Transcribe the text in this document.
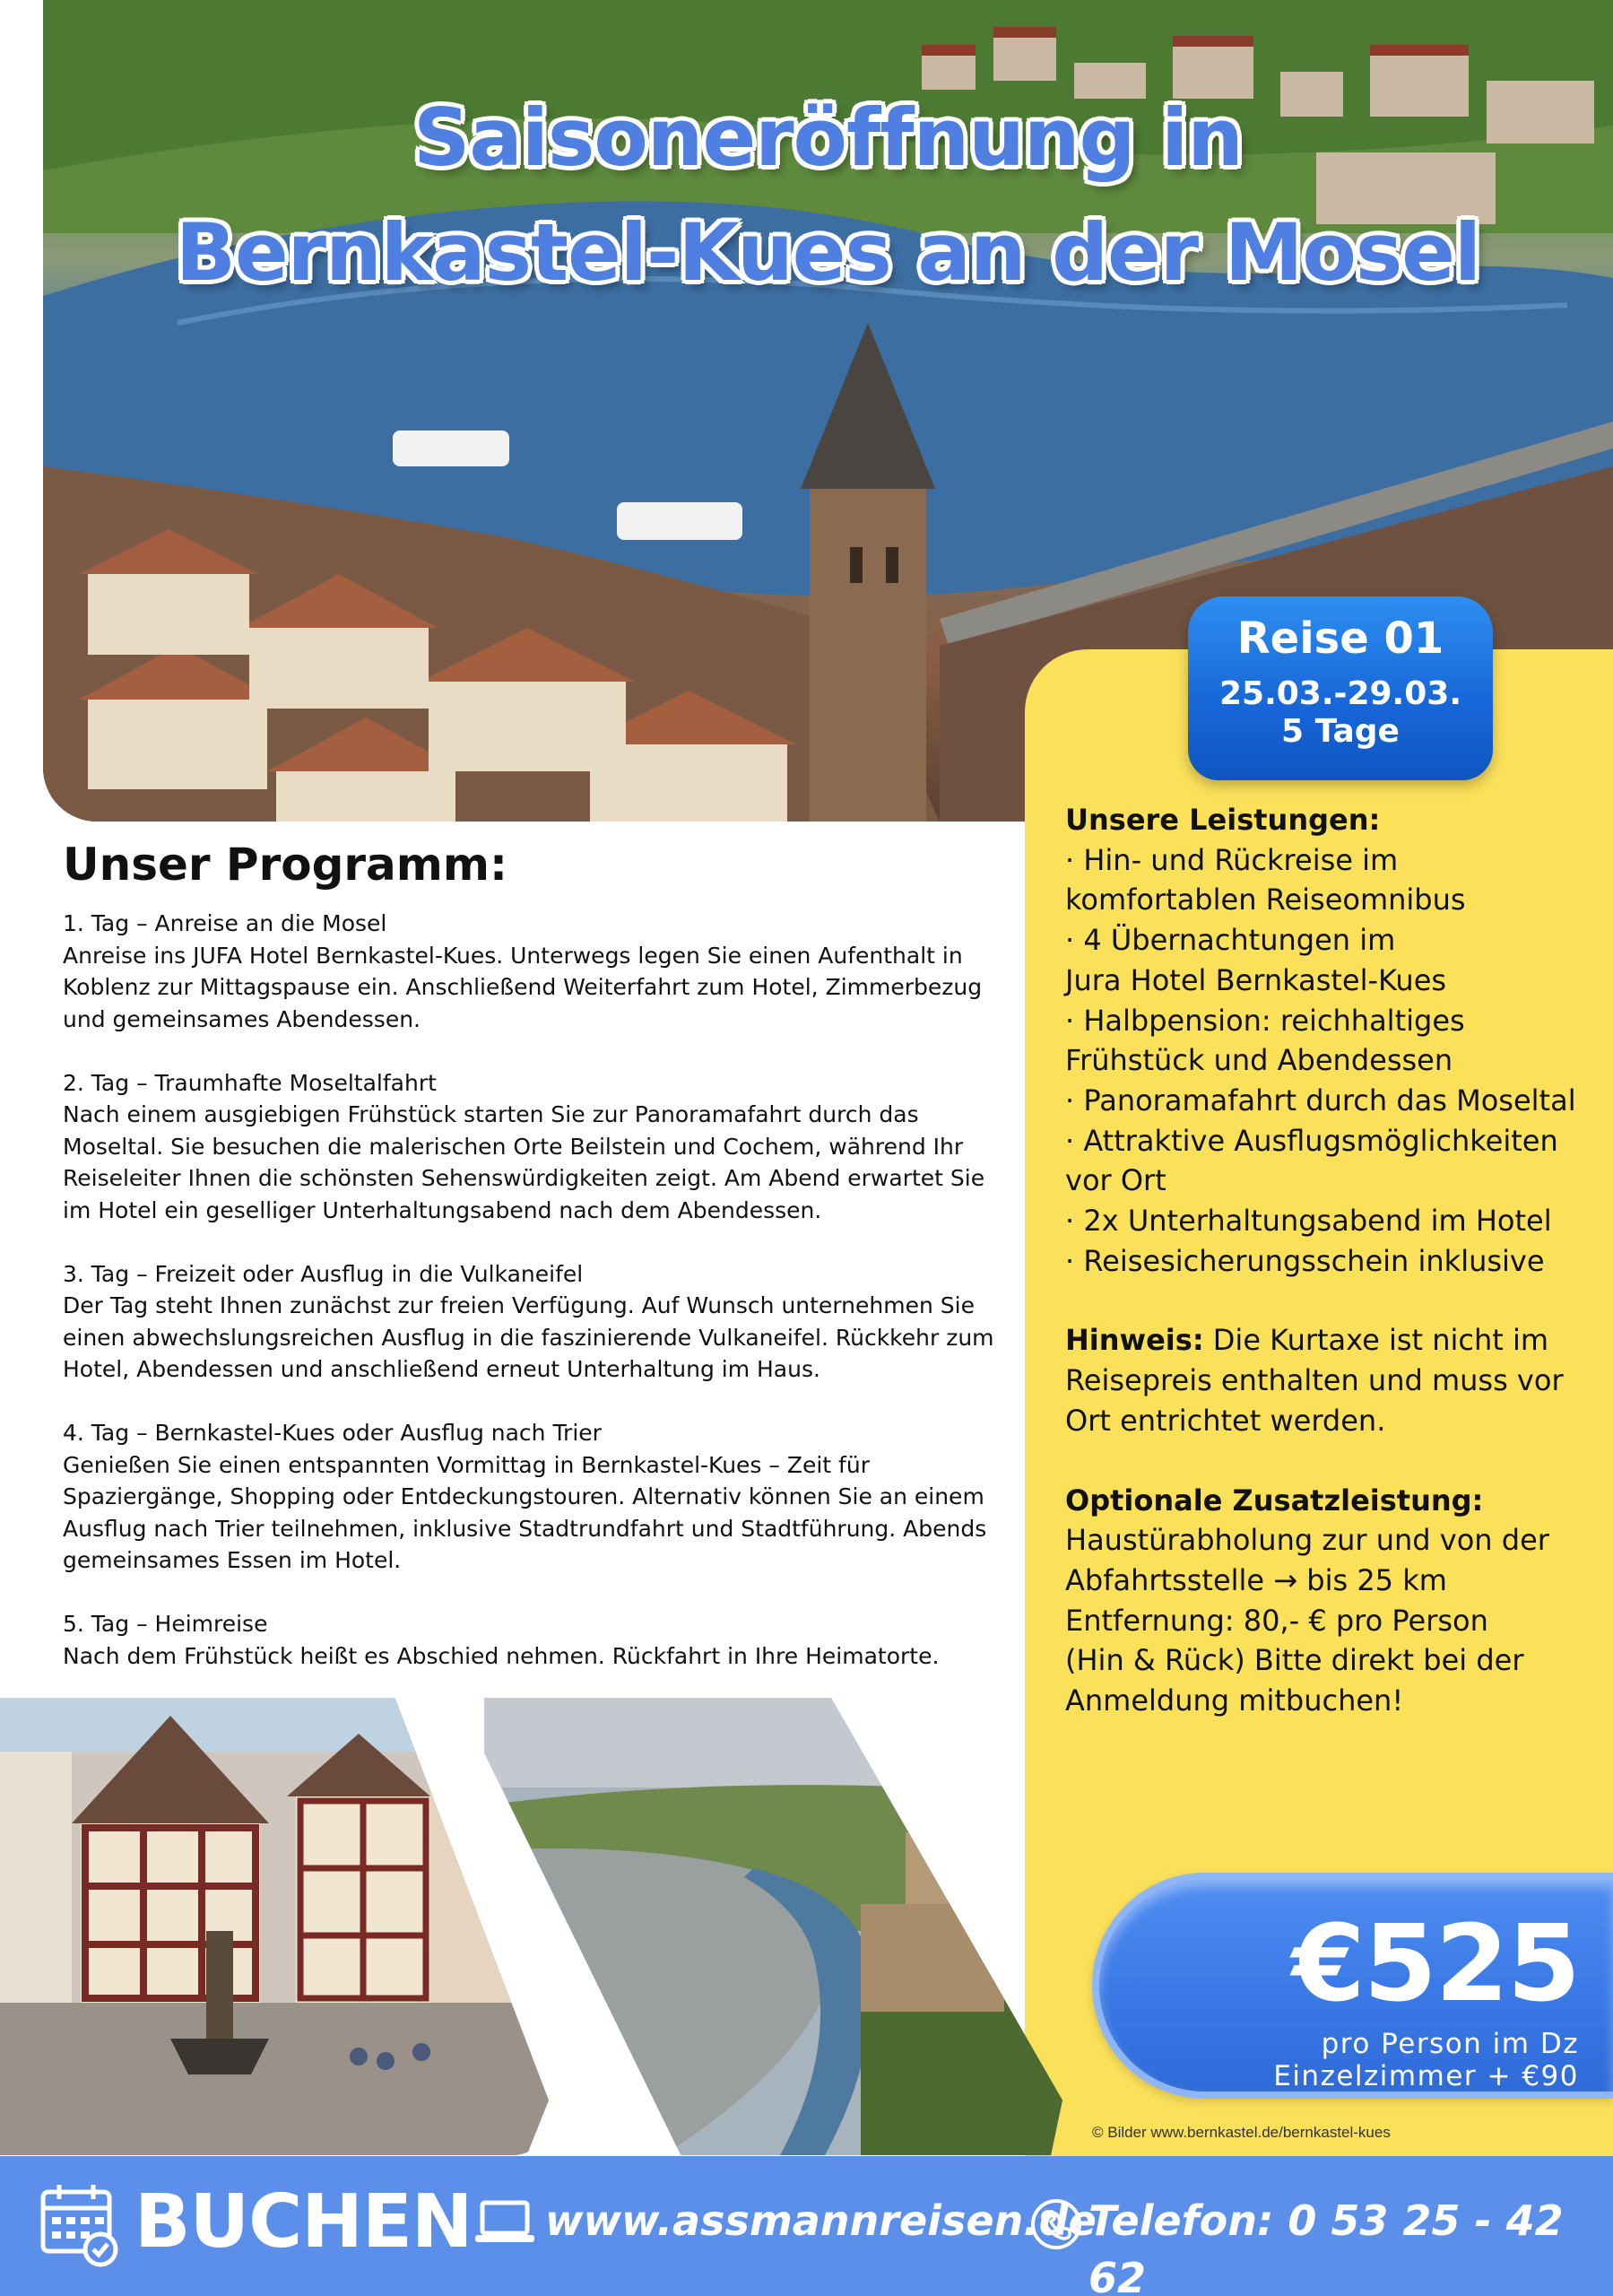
Saisoneröffnung in
Bernkastel-Kues an der Mosel
Reise 01
25.03.-29.03.
5 Tage
Unsere Leistungen:
· Hin- und Rückreise im
komfortablen Reiseomnibus
· 4 Übernachtungen im
Jura Hotel Bernkastel-Kues
· Halbpension: reichhaltiges
Frühstück und Abendessen
· Panoramafahrt durch das Moseltal
· Attraktive Ausflugsmöglichkeiten
vor Ort
· 2x Unterhaltungsabend im Hotel
· Reisesicherungsschein inklusive
Hinweis: Die Kurtaxe ist nicht im
Reisepreis enthalten und muss vor
Ort entrichtet werden.
Optionale Zusatzleistung:
Haustürabholung zur und von der
Abfahrtsstelle → bis 25 km
Entfernung: 80,- € pro Person
(Hin & Rück) Bitte direkt bei der
Anmeldung mitbuchen!
€525
pro Person im Dz
Einzelzimmer + €90
© Bilder www.bernkastel.de/bernkastel-kues
Unser Programm:
1. Tag – Anreise an die Mosel
Anreise ins JUFA Hotel Bernkastel-Kues. Unterwegs legen Sie einen Aufenthalt in Koblenz zur Mittagspause ein. Anschließend Weiterfahrt zum Hotel, Zimmerbezug und gemeinsames Abendessen.
2. Tag – Traumhafte Moseltalfahrt
Nach einem ausgiebigen Frühstück starten Sie zur Panoramafahrt durch das Moseltal. Sie besuchen die malerischen Orte Beilstein und Cochem, während Ihr Reiseleiter Ihnen die schönsten Sehenswürdigkeiten zeigt. Am Abend erwartet Sie im Hotel ein geselliger Unterhaltungsabend nach dem Abendessen.
3. Tag – Freizeit oder Ausflug in die Vulkaneifel
Der Tag steht Ihnen zunächst zur freien Verfügung. Auf Wunsch unternehmen Sie einen abwechslungsreichen Ausflug in die faszinierende Vulkaneifel. Rückkehr zum Hotel, Abendessen und anschließend erneut Unterhaltung im Haus.
4. Tag – Bernkastel-Kues oder Ausflug nach Trier
Genießen Sie einen entspannten Vormittag in Bernkastel-Kues – Zeit für Spaziergänge, Shopping oder Entdeckungstouren. Alternativ können Sie an einem Ausflug nach Trier teilnehmen, inklusive Stadtrundfahrt und Stadtführung. Abends gemeinsames Essen im Hotel.
5. Tag – Heimreise
Nach dem Frühstück heißt es Abschied nehmen. Rückfahrt in Ihre Heimatorte.
BUCHEN www.assmannreisen.de
Telefon: 0 53 25 - 42 62
